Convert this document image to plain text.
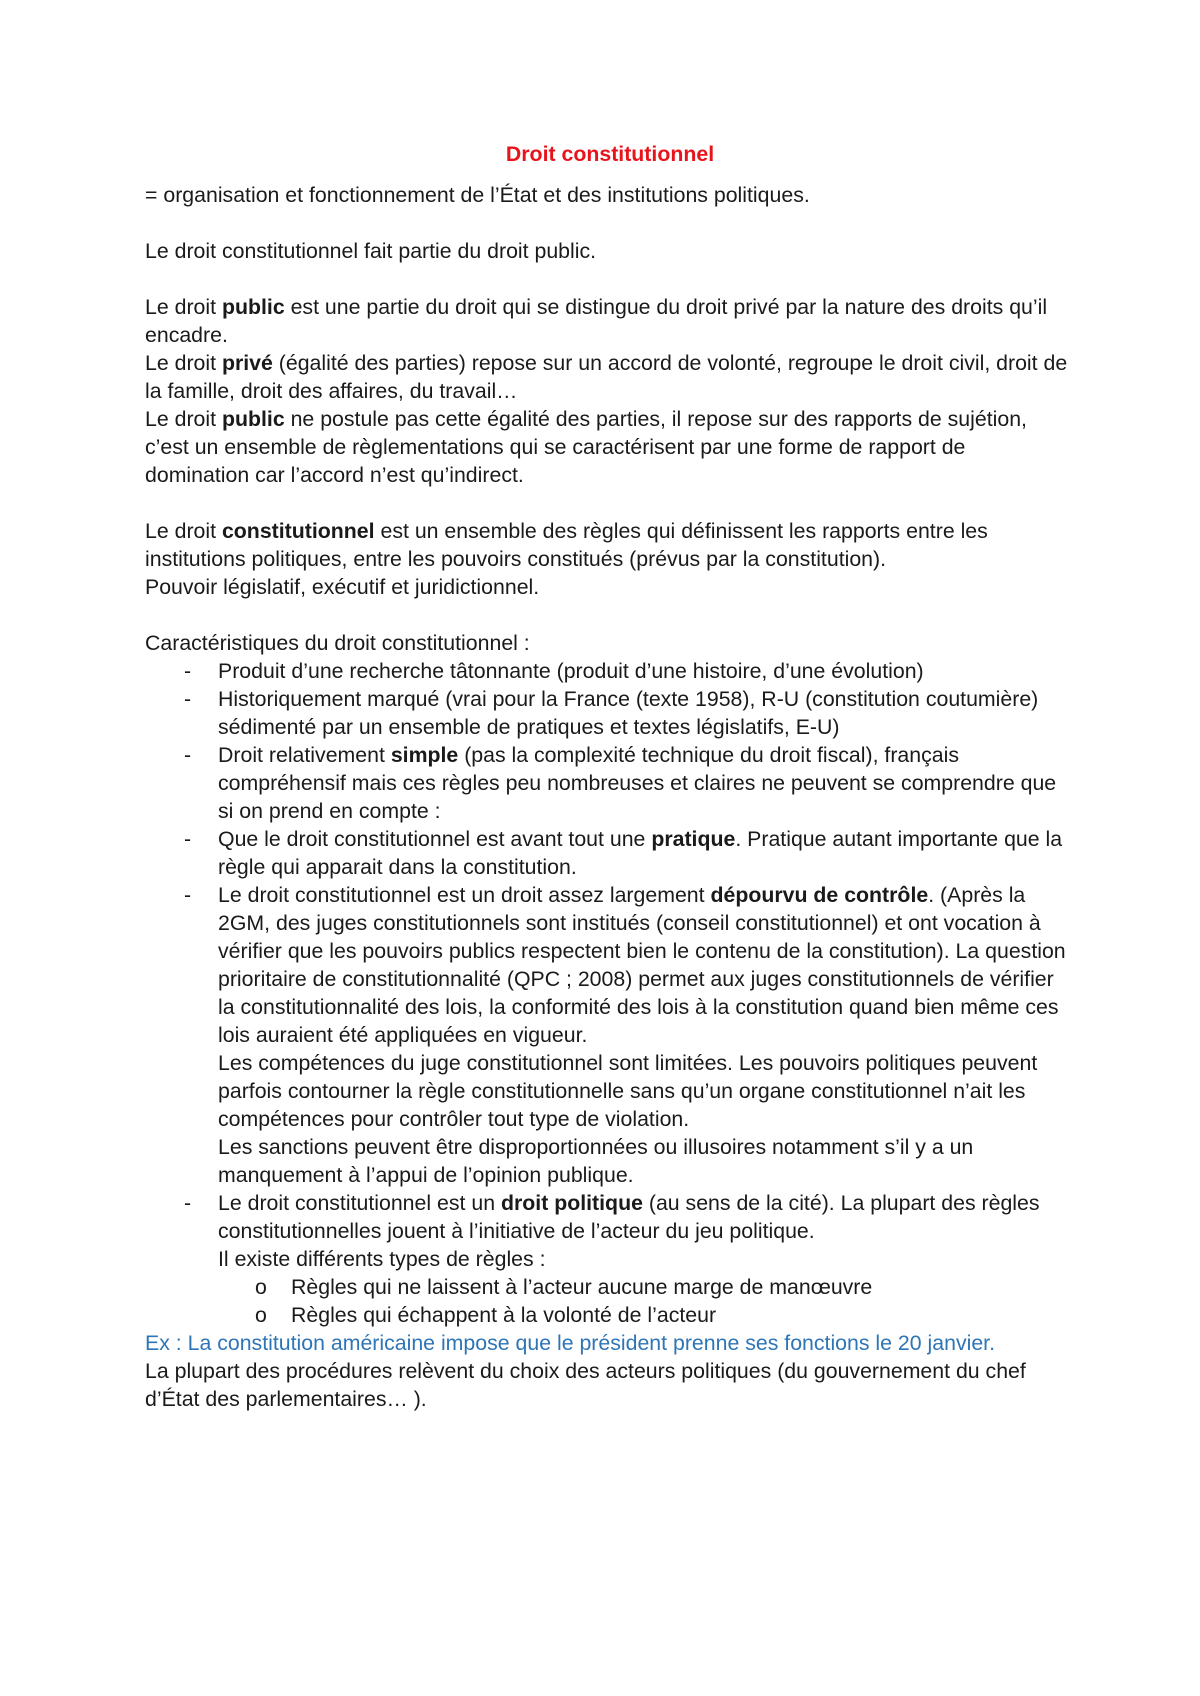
Droit constitutionnel

= organisation et fonctionnement de l’État et des institutions politiques.

Le droit constitutionnel fait partie du droit public.

Le droit public est une partie du droit qui se distingue du droit privé par la nature des droits qu’il encadre.

Le droit privé (égalité des parties) repose sur un accord de volonté, regroupe le droit civil, droit de la famille, droit des affaires, du travail…

Le droit public ne postule pas cette égalité des parties, il repose sur des rapports de sujétion, c’est un ensemble de règlementations qui se caractérisent par une forme de rapport de domination car l’accord n’est qu’indirect.

Le droit constitutionnel est un ensemble des règles qui définissent les rapports entre les institutions politiques, entre les pouvoirs constitués (prévus par la constitution).

Pouvoir législatif, exécutif et juridictionnel.

Caractéristiques du droit constitutionnel :

- Produit d’une recherche tâtonnante (produit d’une histoire, d’une évolution)
- Historiquement marqué (vrai pour la France (texte 1958), R-U (constitution coutumière) sédimenté par un ensemble de pratiques et textes législatifs, E-U)
- Droit relativement simple (pas la complexité technique du droit fiscal), français compréhensif mais ces règles peu nombreuses et claires ne peuvent se comprendre que si on prend en compte :
- Que le droit constitutionnel est avant tout une pratique. Pratique autant importante que la règle qui apparait dans la constitution.
- Le droit constitutionnel est un droit assez largement dépourvu de contrôle. (Après la 2GM, des juges constitutionnels sont institués (conseil constitutionnel) et ont vocation à vérifier que les pouvoirs publics respectent bien le contenu de la constitution). La question prioritaire de constitutionnalité (QPC ; 2008) permet aux juges constitutionnels de vérifier la constitutionnalité des lois, la conformité des lois à la constitution quand bien même ces lois auraient été appliquées en vigueur.

Les compétences du juge constitutionnel sont limitées. Les pouvoirs politiques peuvent parfois contourner la règle constitutionnelle sans qu’un organe constitutionnel n’ait les compétences pour contrôler tout type de violation.

Les sanctions peuvent être disproportionnées ou illusoires notamment s’il y a un manquement à l’appui de l’opinion publique.

- Le droit constitutionnel est un droit politique (au sens de la cité). La plupart des règles constitutionnelles jouent à l’initiative de l’acteur du jeu politique.

Il existe différents types de règles :

o Règles qui ne laissent à l’acteur aucune marge de manœuvre
o Règles qui échappent à la volonté de l’acteur

Ex : La constitution américaine impose que le président prenne ses fonctions le 20 janvier.

La plupart des procédures relèvent du choix des acteurs politiques (du gouvernement du chef d’État des parlementaires… ).
